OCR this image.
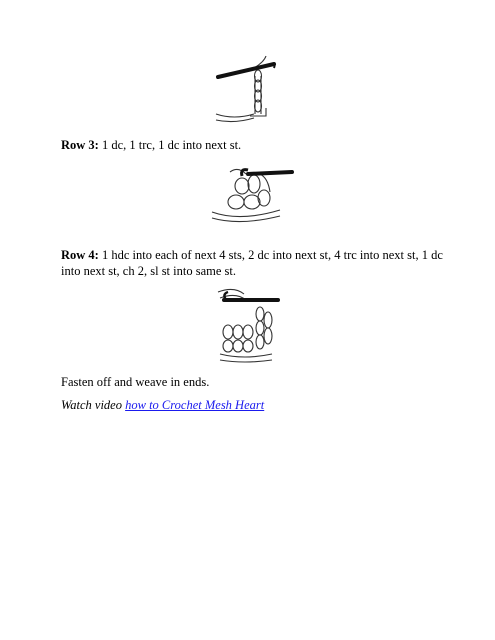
Row 3: 1 dc, 1 trc, 1 dc into next st.
Row 4: 1 hdc into each of next 4 sts, 2 dc into next st, 4 trc into next st, 1 dc
into next st, ch 2, sl st into same st.
Fasten off and weave in ends.
Watch video how to Crochet Mesh Heart
